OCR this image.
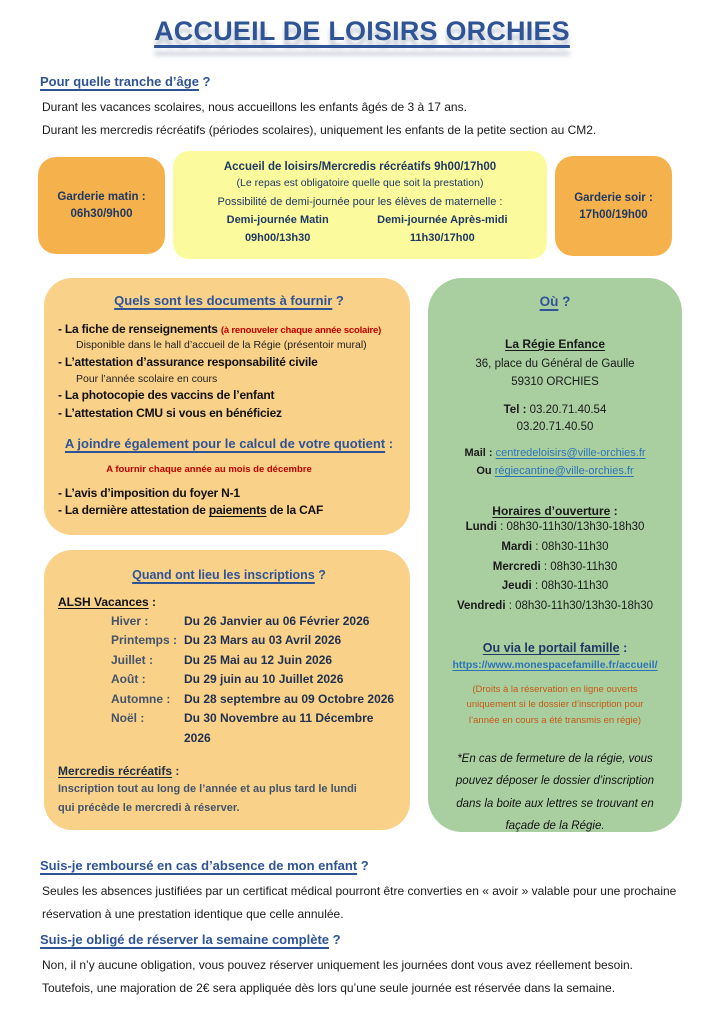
ACCUEIL DE LOISIRS ORCHIES
Pour quelle tranche d’âge ?
Durant les vacances scolaires, nous accueillons les enfants âgés de 3 à 17 ans.
Durant les mercredis récréatifs (périodes scolaires), uniquement les enfants de la petite section au CM2.
Garderie matin :
06h30/9h00
Accueil de loisirs/Mercredis récréatifs 9h00/17h00
(Le repas est obligatoire quelle que soit la prestation)
Possibilité de demi-journée pour les élèves de maternelle :
Demi-journée Matin
09h00/13h30
Demi-journée Après-midi
11h30/17h00
Garderie soir :
17h00/19h00
Quels sont les documents à fournir ?
- La fiche de renseignements (à renouveler chaque année scolaire)
Disponible dans le hall d’accueil de la Régie (présentoir mural)
- L’attestation d’assurance responsabilité civile
Pour l’année scolaire en cours
- La photocopie des vaccins de l’enfant
- L’attestation CMU si vous en bénéficiez
A joindre également pour le calcul de votre quotient :
A fournir chaque année au mois de décembre
- L’avis d’imposition du foyer N-1
- La dernière attestation de paiements de la CAF
Où ?
La Régie Enfance
36, place du Général de Gaulle
59310 ORCHIES
Tel : 03.20.71.40.54
03.20.71.40.50
Mail : centredeloisirs@ville-orchies.fr
Ou régiecantine@ville-orchies.fr
Horaires d’ouverture :
Lundi : 08h30-11h30/13h30-18h30
Mardi : 08h30-11h30
Mercredi : 08h30-11h30
Jeudi : 08h30-11h30
Vendredi : 08h30-11h30/13h30-18h30
Ou via le portail famille :
https://www.monespacefamille.fr/accueil/
(Droits à la réservation en ligne ouverts
uniquement si le dossier d’inscription pour
l’année en cours a été transmis en régie)
*En cas de fermeture de la régie, vous
pouvez déposer le dossier d’inscription
dans la boite aux lettres se trouvant en
façade de la Régie.
Quand ont lieu les inscriptions ?
ALSH Vacances :
Hiver :	Du 26 Janvier au 06 Février 2026
Printemps : Du 23 Mars au 03 Avril 2026
Juillet :	Du 25 Mai au 12 Juin 2026
Août :	Du 29 juin au 10 Juillet 2026
Automne :	Du 28 septembre au 09 Octobre 2026
Noël :	Du 30 Novembre au 11 Décembre 2026
Mercredis récréatifs :
Inscription tout au long de l’année et au plus tard le lundi
qui précède le mercredi à réserver.
Suis-je remboursé en cas d’absence de mon enfant ?
Seules les absences justifiées par un certificat médical pourront être converties en « avoir » valable pour une prochaine réservation à une prestation identique que celle annulée.
Suis-je obligé de réserver la semaine complète ?
Non, il n’y aucune obligation, vous pouvez réserver uniquement les journées dont vous avez réellement besoin.
Toutefois, une majoration de 2€ sera appliquée dès lors qu’une seule journée est réservée dans la semaine.
